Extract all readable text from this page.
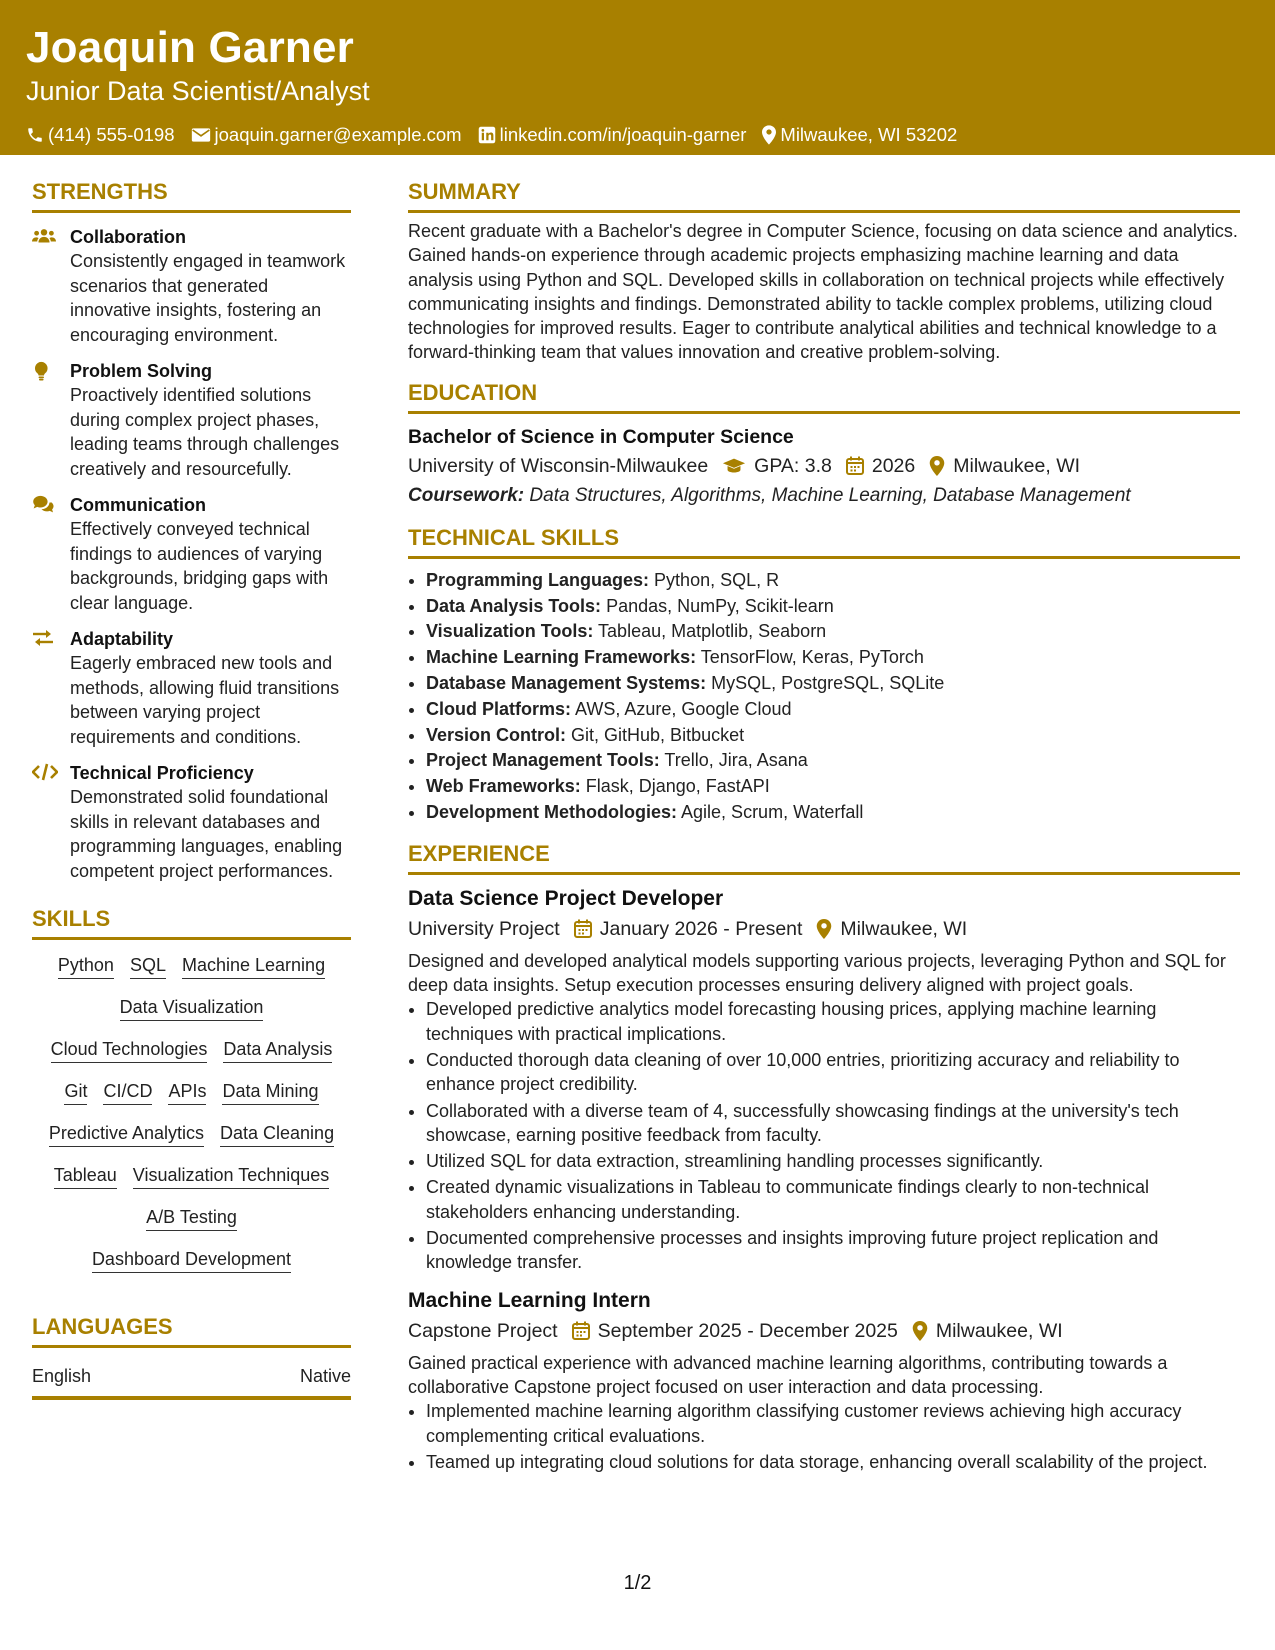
Joaquin Garner
Junior Data Scientist/Analyst
(414) 555-0198 joaquin.garner@example.com linkedin.com/in/joaquin-garner Milwaukee, WI 53202
STRENGTHS
Collaboration
Consistently engaged in teamwork scenarios that generated innovative insights, fostering an encouraging environment.
Problem Solving
Proactively identified solutions during complex project phases, leading teams through challenges creatively and resourcefully.
Communication
Effectively conveyed technical findings to audiences of varying backgrounds, bridging gaps with clear language.
Adaptability
Eagerly embraced new tools and methods, allowing fluid transitions between varying project requirements and conditions.
Technical Proficiency
Demonstrated solid foundational skills in relevant databases and programming languages, enabling competent project performances.
SKILLS
Python SQL Machine Learning
Data Visualization
Cloud Technologies Data Analysis
Git CI/CD APIs Data Mining
Predictive Analytics Data Cleaning
Tableau Visualization Techniques
A/B Testing
Dashboard Development
LANGUAGES
English	Native
SUMMARY
Recent graduate with a Bachelor's degree in Computer Science, focusing on data science and analytics. Gained hands-on experience through academic projects emphasizing machine learning and data analysis using Python and SQL. Developed skills in collaboration on technical projects while effectively communicating insights and findings. Demonstrated ability to tackle complex problems, utilizing cloud technologies for improved results. Eager to contribute analytical abilities and technical knowledge to a forward-thinking team that values innovation and creative problem-solving.
EDUCATION
Bachelor of Science in Computer Science
University of Wisconsin-Milwaukee GPA: 3.8 2026 Milwaukee, WI
Coursework: Data Structures, Algorithms, Machine Learning, Database Management
TECHNICAL SKILLS
• Programming Languages: Python, SQL, R
• Data Analysis Tools: Pandas, NumPy, Scikit-learn
• Visualization Tools: Tableau, Matplotlib, Seaborn
• Machine Learning Frameworks: TensorFlow, Keras, PyTorch
• Database Management Systems: MySQL, PostgreSQL, SQLite
• Cloud Platforms: AWS, Azure, Google Cloud
• Version Control: Git, GitHub, Bitbucket
• Project Management Tools: Trello, Jira, Asana
• Web Frameworks: Flask, Django, FastAPI
• Development Methodologies: Agile, Scrum, Waterfall
EXPERIENCE
Data Science Project Developer
University Project January 2026 - Present Milwaukee, WI
Designed and developed analytical models supporting various projects, leveraging Python and SQL for deep data insights. Setup execution processes ensuring delivery aligned with project goals.
• Developed predictive analytics model forecasting housing prices, applying machine learning techniques with practical implications.
• Conducted thorough data cleaning of over 10,000 entries, prioritizing accuracy and reliability to enhance project credibility.
• Collaborated with a diverse team of 4, successfully showcasing findings at the university's tech showcase, earning positive feedback from faculty.
• Utilized SQL for data extraction, streamlining handling processes significantly.
• Created dynamic visualizations in Tableau to communicate findings clearly to non-technical stakeholders enhancing understanding.
• Documented comprehensive processes and insights improving future project replication and knowledge transfer.
Machine Learning Intern
Capstone Project September 2025 - December 2025 Milwaukee, WI
Gained practical experience with advanced machine learning algorithms, contributing towards a collaborative Capstone project focused on user interaction and data processing.
• Implemented machine learning algorithm classifying customer reviews achieving high accuracy complementing critical evaluations.
• Teamed up integrating cloud solutions for data storage, enhancing overall scalability of the project.
1/2
